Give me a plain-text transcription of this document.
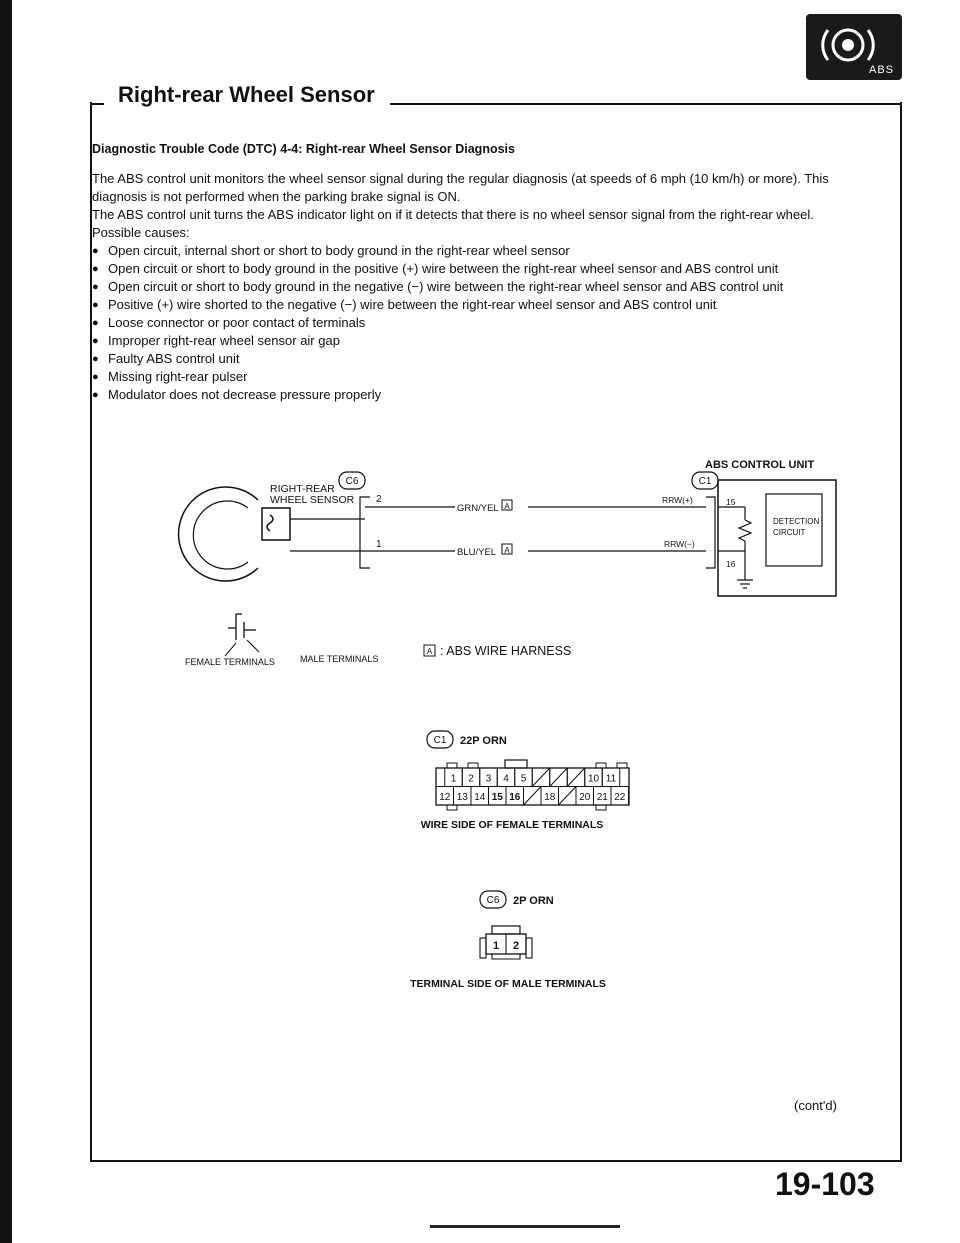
ABS
Right-rear Wheel Sensor

Diagnostic Trouble Code (DTC) 4-4: Right-rear Wheel Sensor Diagnosis

The ABS control unit monitors the wheel sensor signal during the regular diagnosis (at speeds of 6 mph (10 km/h) or more). This diagnosis is not performed when the parking brake signal is ON.

The ABS control unit turns the ABS indicator light on if it detects that there is no wheel sensor signal from the right-rear wheel.

Possible causes:

● Open circuit, internal short or short to body ground in the right-rear wheel sensor
● Open circuit or short to body ground in the positive (+) wire between the right-rear wheel sensor and ABS control unit
● Open circuit or short to body ground in the negative (−) wire between the right-rear wheel sensor and ABS control unit
● Positive (+) wire shorted to the negative (−) wire between the right-rear wheel sensor and ABS control unit
● Loose connector or poor contact of terminals
● Improper right-rear wheel sensor air gap
● Faulty ABS control unit
● Missing right-rear pulser
● Modulator does not decrease pressure properly
ABS CONTROL UNIT
RIGHT-REAR
WHEEL SENSOR
C6
2
1
GRN/YEL A
BLU/YEL A
C1
RRW(+)
RRW(−)
15
16
DETECTION
CIRCUIT
FEMALE TERMINALS	MALE TERMINALS
A : ABS WIRE HARNESS
C1 22P ORN
1 2 3 4 5	10 11
12 13 14 15 16 18 20 21 22
WIRE SIDE OF FEMALE TERMINALS
C6 2P ORN
1 2
TERMINAL SIDE OF MALE TERMINALS
(cont'd)
19-103
